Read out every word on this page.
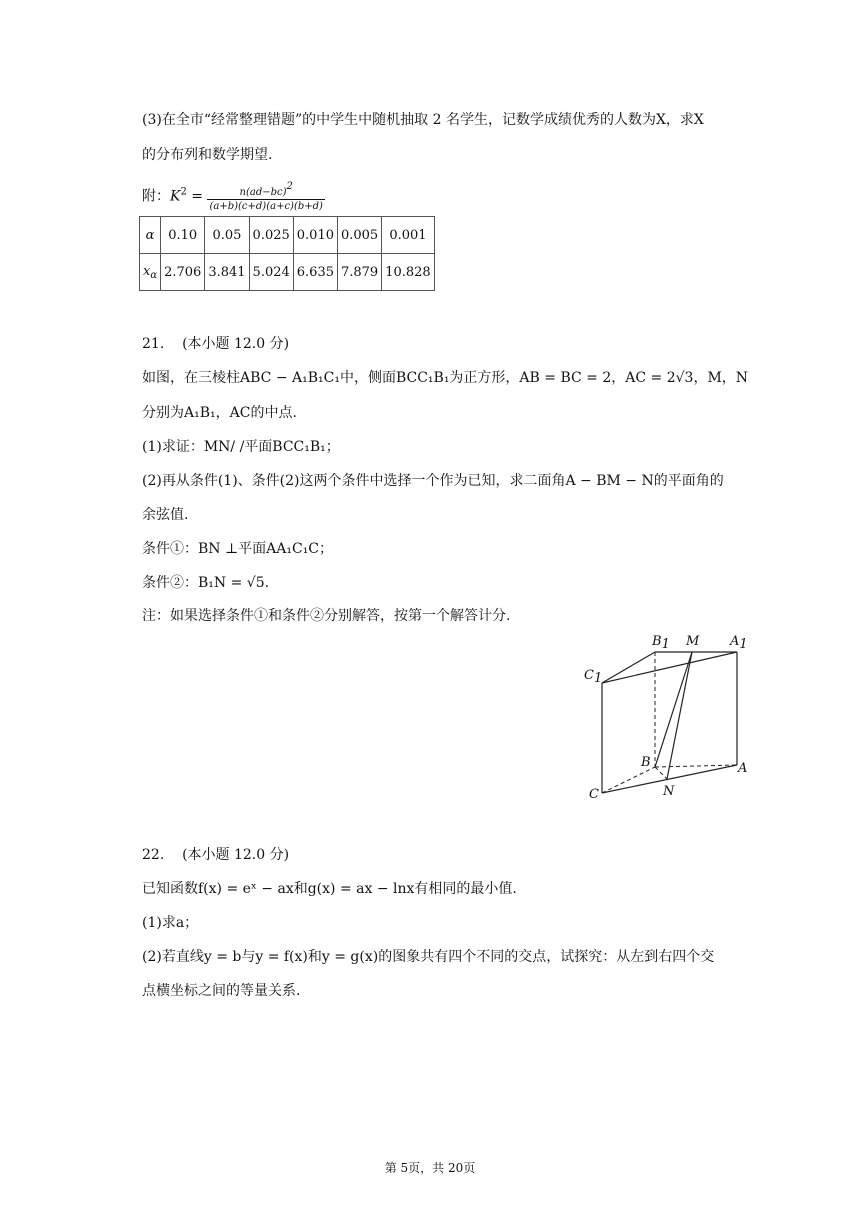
(3)在全市“经常整理错题”的中学生中随机抽取 2 名学生，记数学成绩优秀的人数为X，求X
的分布列和数学期望.
附：$K^2 = \frac{n(ad-bc)^2}{(a+b)(c+d)(a+c)(b+d)}$
α	0.10	0.05	0.025	0.010	0.005	0.001
$x_\alpha$	2.706	3.841	5.024	6.635	7.879	10.828
21. (本小题 12.0 分)
如图，在三棱柱ABC − A₁B₁C₁中，侧面BCC₁B₁为正方形，AB = BC = 2，AC = 2√3，M，N
分别为A₁B₁，AC的中点.
(1)求证：MN/ /平面BCC₁B₁；
(2)再从条件(1)、条件(2)这两个条件中选择一个作为已知，求二面角A − BM − N的平面角的
余弦值.
条件①：BN ⊥平面AA₁C₁C；
条件②：B₁N = √5.
注：如果选择条件①和条件②分别解答，按第一个解答计分.
B1 M A1
C1
B	A
C	N
22. (本小题 12.0 分)
已知函数f(x) = eˣ − ax和g(x) = ax − lnx有相同的最小值.
(1)求a；
(2)若直线y = b与y = f(x)和y = g(x)的图象共有四个不同的交点，试探究：从左到右四个交
点横坐标之间的等量关系.
第 5页，共 20页
